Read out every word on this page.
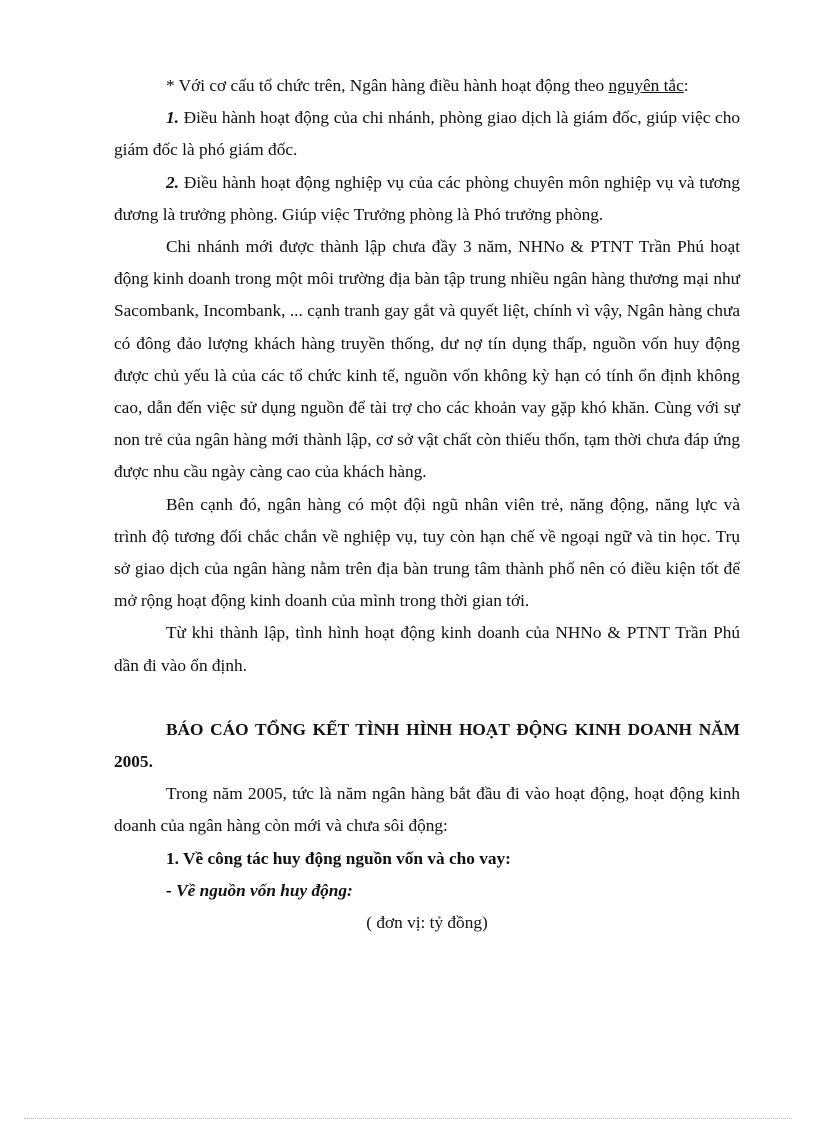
* Với cơ cấu tổ chức trên, Ngân hàng điều hành hoạt động theo nguyên tắc:

1. Điều hành hoạt động của chi nhánh, phòng giao dịch là giám đốc, giúp việc cho giám đốc là phó giám đốc.

2. Điều hành hoạt động nghiệp vụ của các phòng chuyên môn nghiệp vụ và tương đương là trưởng phòng. Giúp việc Trưởng phòng là Phó trưởng phòng.

Chi nhánh mới được thành lập chưa đầy 3 năm, NHNo & PTNT Trần Phú hoạt động kinh doanh trong một môi trường địa bàn tập trung nhiều ngân hàng thương mại như Sacombank, Incombank, ... cạnh tranh gay gắt và quyết liệt, chính vì vậy, Ngân hàng chưa có đông đảo lượng khách hàng truyền thống, dư nợ tín dụng thấp, nguồn vốn huy động được chủ yếu là của các tổ chức kinh tế, nguồn vốn không kỳ hạn có tính ổn định không cao, dẫn đến việc sử dụng nguồn để tài trợ cho các khoản vay gặp khó khăn. Cùng với sự non trẻ của ngân hàng mới thành lập, cơ sở vật chất còn thiếu thốn, tạm thời chưa đáp ứng được nhu cầu ngày càng cao của khách hàng.

Bên cạnh đó, ngân hàng có một đội ngũ nhân viên trẻ, năng động, năng lực và trình độ tương đối chắc chắn về nghiệp vụ, tuy còn hạn chế về ngoại ngữ và tin học. Trụ sở giao dịch của ngân hàng nằm trên địa bàn trung tâm thành phố nên có điều kiện tốt để mở rộng hoạt động kinh doanh của mình trong thời gian tới.

Từ khi thành lập, tình hình hoạt động kinh doanh của NHNo & PTNT Trần Phú dần đi vào ổn định.

BÁO CÁO TỔNG KẾT TÌNH HÌNH HOẠT ĐỘNG KINH DOANH NĂM 2005.

Trong năm 2005, tức là năm ngân hàng bắt đầu đi vào hoạt động, hoạt động kinh doanh của ngân hàng còn mới và chưa sôi động:

1. Về công tác huy động nguồn vốn và cho vay:

- Về nguồn vốn huy động:

( đơn vị: tỷ đồng)
